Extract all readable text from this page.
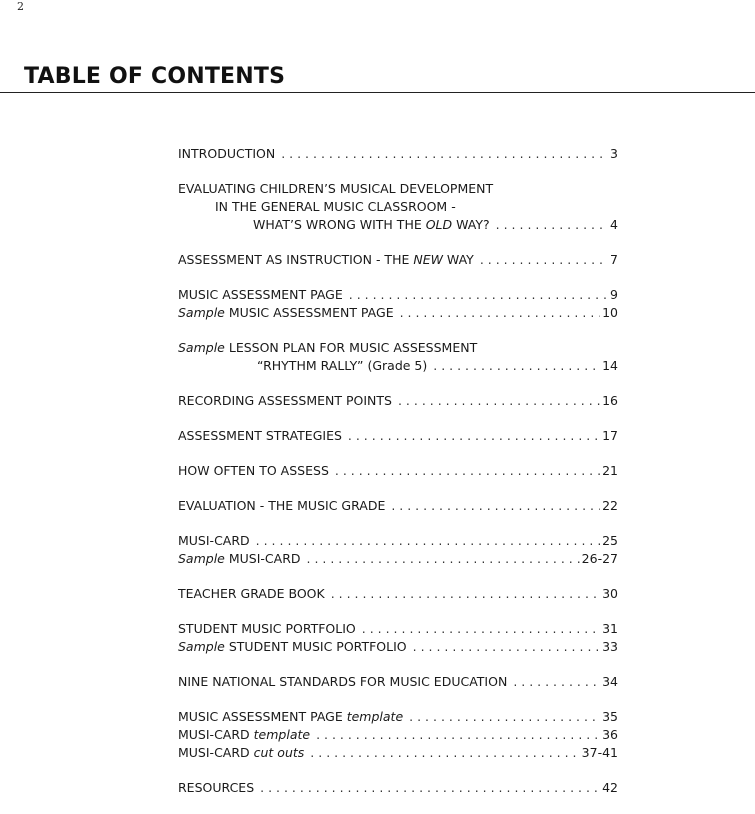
2
TABLE OF CONTENTS
INTRODUCTION . . .	3
EVALUATING CHILDREN’S MUSICAL DEVELOPMENT
IN THE GENERAL MUSIC CLASSROOM -
WHAT’S WRONG WITH THE OLD WAY? . . .	4
ASSESSMENT AS INSTRUCTION - THE NEW WAY . . .	7
MUSIC ASSESSMENT PAGE . . .	9
Sample MUSIC ASSESSMENT PAGE . . .	10
Sample LESSON PLAN FOR MUSIC ASSESSMENT
“RHYTHM RALLY” (Grade 5) . . .	14
RECORDING ASSESSMENT POINTS . . .	16
ASSESSMENT STRATEGIES . . .	17
HOW OFTEN TO ASSESS . . .	21
EVALUATION - THE MUSIC GRADE . . .	22
MUSI-CARD . . .	25
Sample MUSI-CARD . . .	26-27
TEACHER GRADE BOOK . . .	30
STUDENT MUSIC PORTFOLIO . . .	31
Sample STUDENT MUSIC PORTFOLIO . . .	33
NINE NATIONAL STANDARDS FOR MUSIC EDUCATION . . .	34
MUSIC ASSESSMENT PAGE template . . .	35
MUSI-CARD template . . .	36
MUSI-CARD cut outs . . .	37-41
RESOURCES . . .	42
